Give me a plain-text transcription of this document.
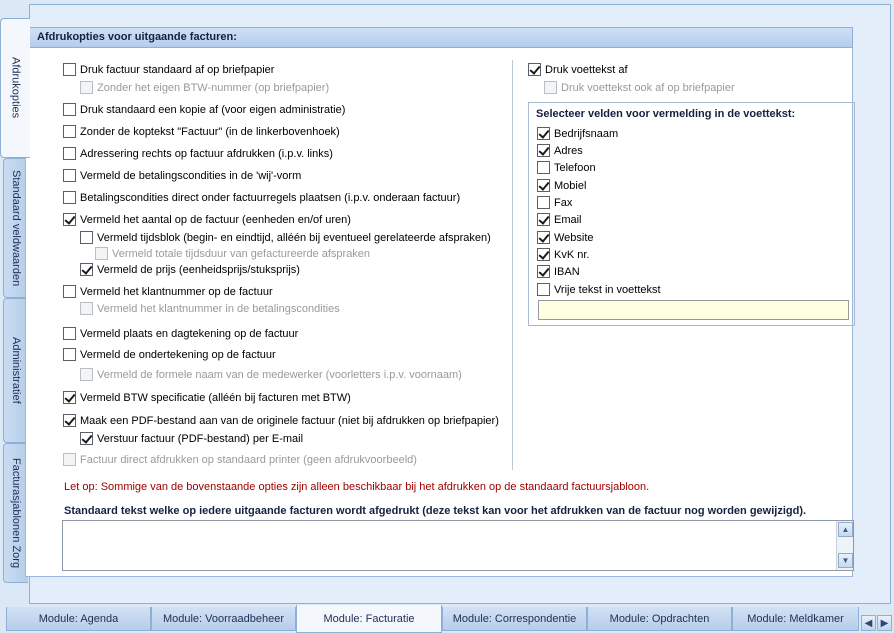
Afdrukopties
Standaard veldwaarden
Administratief
Facturasjablonen Zorg
Afdrukopties voor uitgaande facturen:
Druk factuur standaard af op briefpapier
Zonder het eigen BTW-nummer (op briefpapier)
Druk standaard een kopie af (voor eigen administratie)
Zonder de koptekst "Factuur" (in de linkerbovenhoek)
Adressering rechts op factuur afdrukken (i.p.v. links)
Vermeld de betalingscondities in de 'wij'-vorm
Betalingscondities direct onder factuurregels plaatsen (i.p.v. onderaan factuur)
Vermeld het aantal op de factuur (eenheden en/of uren)
Vermeld tijdsblok (begin- en eindtijd, alléén bij eventueel gerelateerde afspraken)
Vermeld totale tijdsduur van gefactureerde afspraken
Vermeld de prijs (eenheidsprijs/stuksprijs)
Vermeld het klantnummer op de factuur
Vermeld het klantnummer in de betalingscondities
Vermeld plaats en dagtekening op de factuur
Vermeld de ondertekening op de factuur
Vermeld de formele naam van de medewerker (voorletters i.p.v. voornaam)
Vermeld BTW specificatie (alléén bij facturen met BTW)
Maak een PDF-bestand aan van de originele factuur (niet bij afdrukken op briefpapier)
Verstuur factuur (PDF-bestand) per E-mail
Factuur direct afdrukken op standaard printer (geen afdrukvoorbeeld)
Druk voettekst af
Druk voettekst ook af op briefpapier
Selecteer velden voor vermelding in de voettekst:
Bedrijfsnaam
Adres
Telefoon
Mobiel
Fax
Email
Website
KvK nr.
IBAN
Vrije tekst in voettekst
Let op: Sommige van de bovenstaande opties zijn alleen beschikbaar bij het afdrukken op de standaard factuursjabloon.
Standaard tekst welke op iedere uitgaande facturen wordt afgedrukt (deze tekst kan voor het afdrukken van de factuur nog worden gewijzigd).
▲
▼
Module: Agenda	Module: Voorraadbeheer	Module: Facturatie	Module: Correspondentie	Module: Opdrachten	Module: Meldkamer	◀ ▶
